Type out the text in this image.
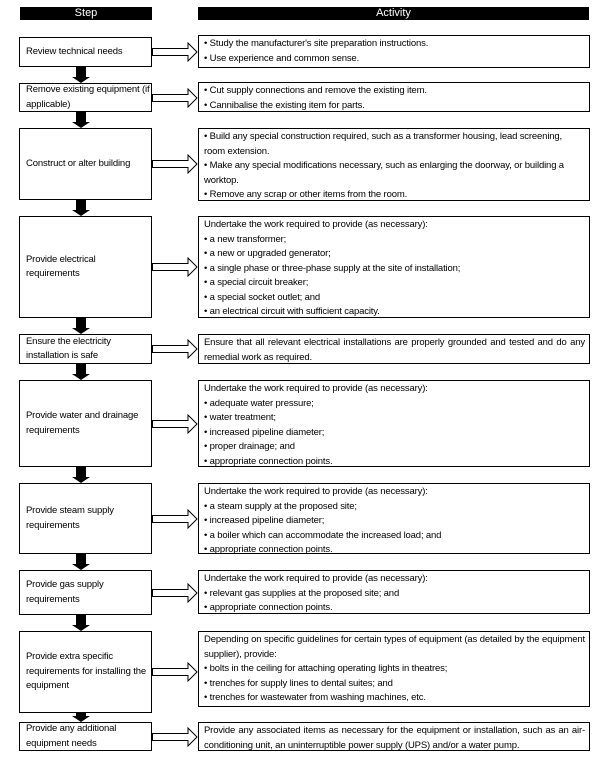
Step	Activity
Review technical needs
• Study the manufacturer's site preparation instructions.
• Use experience and common sense.
Remove existing equipment (if applicable)
• Cut supply connections and remove the existing item.
• Cannibalise the existing item for parts.
Construct or alter building
• Build any special construction required, such as a transformer housing, lead screening, room extension.
• Make any special modifications necessary, such as enlarging the doorway, or building a worktop.
• Remove any scrap or other items from the room.
Provide electrical requirements
Undertake the work required to provide (as necessary):
• a new transformer;
• a new or upgraded generator;
• a single phase or three-phase supply at the site of installation;
• a special circuit breaker;
• a special socket outlet; and
• an electrical circuit with sufficient capacity.
Ensure the electricity installation is safe
Ensure that all relevant electrical installations are properly grounded and tested and do any remedial work as required.
Provide water and drainage requirements
Undertake the work required to provide (as necessary):
• adequate water pressure;
• water treatment;
• increased pipeline diameter;
• proper drainage; and
• appropriate connection points.
Provide steam supply requirements
Undertake the work required to provide (as necessary):
• a steam supply at the proposed site;
• increased pipeline diameter;
• a boiler which can accommodate the increased load; and
• appropriate connection points.
Provide gas supply requirements
Undertake the work required to provide (as necessary):
• relevant gas supplies at the proposed site; and
• appropriate connection points.
Provide extra specific requirements for installing the equipment
Depending on specific guidelines for certain types of equipment (as detailed by the equipment supplier), provide:
• bolts in the ceiling for attaching operating lights in theatres;
• trenches for supply lines to dental suites; and
• trenches for wastewater from washing machines, etc.
Provide any additional equipment needs
Provide any associated items as necessary for the equipment or installation, such as an air-conditioning unit, an uninterruptible power supply (UPS) and/or a water pump.
